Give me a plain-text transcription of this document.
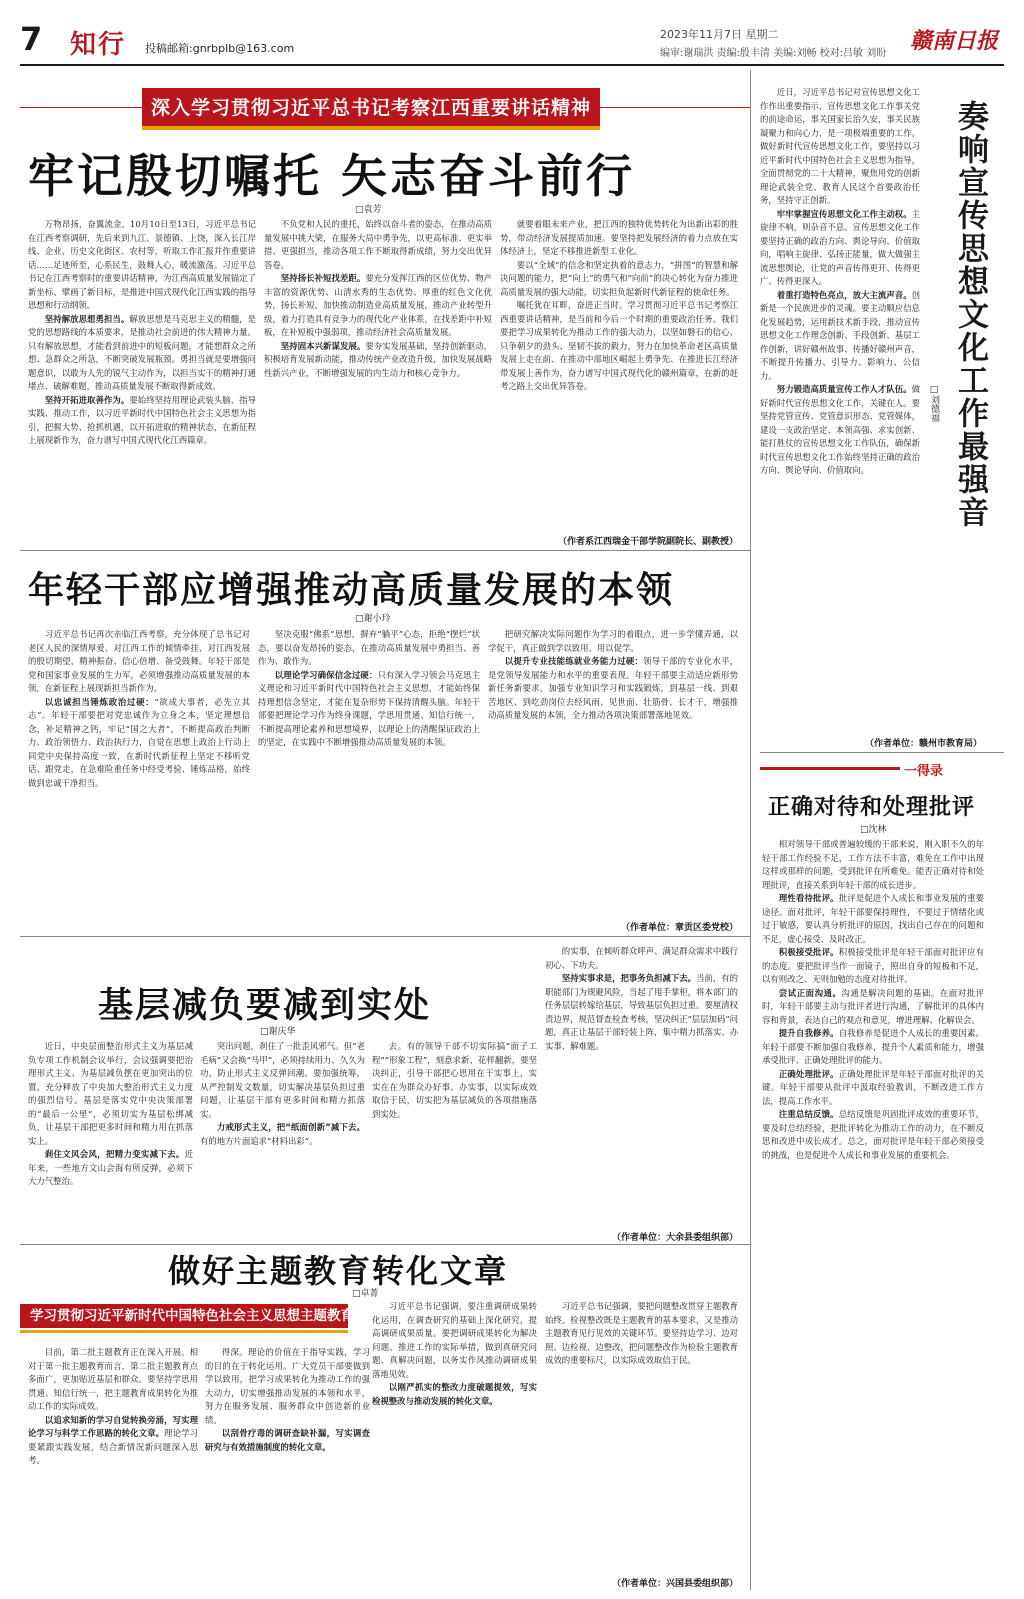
7 知行 投稿邮箱:gnrbplb@163.com
2023年11月7日 星期二
编审:谢瑞洪 责编:殷丰清 美编:刘畅 校对:吕敏 刘盼 赣南日报
深入学习贯彻习近平总书记考察江西重要讲话精神
牢记殷切嘱托 矢志奋斗前行
□袁芳

万物昂扬，奋翼流金。10月10日至13日，习近平总书记在江西考察调研，先后来到九江、景德镇、上饶，深入长江岸线、企业、历史文化街区、农村等，听取工作汇报并作重要讲话……足迹所至，心系民生，鼓舞人心，暖流激荡。习近平总书记在江西考察时的重要讲话精神，为江西高质量发展锚定了新坐标、擘画了新目标，是推进中国式现代化江西实践的指导思想和行动纲领。

坚持解放思想勇担当。解放思想是马克思主义的精髓，是党的思想路线的本质要求，是推动社会前进的伟大精神力量。只有解放思想，才能看到前进中的短板问题，才能想群众之所想、急群众之所急，不断突破发展瓶颈。勇担当就是要增强问题意识，以敢为人先的锐气主动作为，以担当实干的精神打通堵点、破解难题，推动高质量发展不断取得新成效。

坚持开拓进取善作为。要始终坚持用理论武装头脑、指导实践、推动工作，以习近平新时代中国特色社会主义思想为指引，把握大势、抢抓机遇，以开拓进取的精神状态，在新征程上展现新作为，奋力谱写中国式现代化江西篇章。

不负党和人民的重托，始终以奋斗者的姿态，在推动高质量发展中挑大梁，在服务大局中勇争先，以更高标准、更实举措、更强担当，推动各项工作不断取得新成绩，努力交出优异答卷。

坚持扬长补短找差距。要充分发挥江西的区位优势、物产丰富的资源优势、山清水秀的生态优势、厚重的红色文化优势，扬长补短，加快推动制造业高质量发展，推动产业转型升级，着力打造具有竞争力的现代化产业体系，在找差距中补短板，在补短板中强弱项，推动经济社会高质量发展。

坚持固本兴新谋发展。要夯实发展基础，坚持创新驱动，积极培育发展新动能，推动传统产业改造升级，加快发展战略性新兴产业，不断增强发展的内生动力和核心竞争力。

就要着眼未来产业，把江西的独特优势转化为出新出彩的胜势，带动经济发展提质加速。要坚持把发展经济的着力点放在实体经济上，坚定不移推进新型工业化。

要以“全域”的信念和坚定执着的意志力，“拼图”的智慧和解决问题的能力，把“向上”的勇气和“向前”的决心转化为奋力推进高质量发展的强大动能，切实担负起新时代新征程的使命任务。

嘱托犹在耳畔，奋进正当时。学习贯彻习近平总书记考察江西重要讲话精神，是当前和今后一个时期的重要政治任务。我们要把学习成果转化为推动工作的强大动力，以坚如磐石的信心、只争朝夕的劲头、坚韧不拔的毅力，努力在加快革命老区高质量发展上走在前、在推动中部地区崛起上勇争先、在推进长江经济带发展上善作为，奋力谱写中国式现代化的赣州篇章，在新的赶考之路上交出优异答卷。

（作者系江西瑞金干部学院副院长、副教授）
年轻干部应增强推动高质量发展的本领
□谢小玲

习近平总书记再次亲临江西考察，充分体现了总书记对老区人民的深情厚爱、对江西工作的倾情牵挂、对江西发展的殷切期望，精神振奋、信心倍增、备受鼓舞。年轻干部是党和国家事业发展的生力军，必须增强推动高质量发展的本领，在新征程上展现新担当新作为。

以忠诚担当锤炼政治过硬：“欲成大事者，必先立其志”。年轻干部要把对党忠诚作为立身之本，坚定理想信念，补足精神之钙，牢记“国之大者”，不断提高政治判断力、政治领悟力、政治执行力，自觉在思想上政治上行动上同党中央保持高度一致，在新时代新征程上坚定不移听党话、跟党走，在急难险重任务中经受考验、锤炼品格，始终做到忠诚干净担当。

坚决克服“佛系”思想，摒弃“躺平”心态，拒绝“摆烂”状态，要以奋发昂扬的姿态，在推动高质量发展中勇担当、善作为、敢作为。

以理论学习确保信念过硬：只有深入学习领会马克思主义理论和习近平新时代中国特色社会主义思想，才能始终保持理想信念坚定，才能在复杂形势下保持清醒头脑。年轻干部要把理论学习作为终身课题，学思用贯通、知信行统一，不断提高理论素养和思想境界，以理论上的清醒保证政治上的坚定，在实践中不断增强推动高质量发展的本领。

把研究解决实际问题作为学习的着眼点，进一步学懂弄通，以学促干，真正做到学以致用、用以促学。

以提升专业技能练就业务能力过硬：领导干部的专业化水平，是党领导发展能力和水平的重要表现。年轻干部要主动适应新形势新任务新要求，加强专业知识学习和实践锻炼，到基层一线、到艰苦地区、到吃劲岗位去经风雨、见世面、壮筋骨、长才干，增强推动高质量发展的本领，全力推动各项决策部署落地见效。

（作者单位：章贡区委党校）
基层减负要减到实处
□谢庆华

近日，中央层面整治形式主义为基层减负专项工作机制会议举行，会议强调要把治理形式主义、为基层减负摆在更加突出的位置，充分释放了中央加大整治形式主义力度的强烈信号。基层是落实党中央决策部署的“最后一公里”，必须切实为基层松绑减负，让基层干部把更多时间和精力用在抓落实上。

刹住文风会风，把精力变实减下去。近年来，一些地方文山会海有所反弹，必须下大力气整治。

突出问题，刹住了一批歪风邪气。但“老毛病”又会换“马甲”，必须持续用力、久久为功，防止形式主义反弹回潮。要加强统筹，从严控制发文数量，切实解决基层负担过重问题，让基层干部有更多时间和精力抓落实。

力戒形式主义，把“纸面创新”减下去。有的地方片面追求“材料出彩”。

去。有的领导干部不切实际搞“面子工程”“形象工程”，刻意求新、花样翻新，要坚决纠正，引导干部把心思用在干实事上，实实在在为群众办好事、办实事，以实际成效取信于民，切实把为基层减负的各项措施落到实处。

的实事，在倾听群众呼声、满足群众需求中践行初心、下功夫。

坚持实事求是，把事务负担减下去。当前，有的职能部门为规避风险，当起了甩手掌柜，将本部门的任务层层转嫁给基层，导致基层负担过重。要厘清权责边界，规范督查检查考核，坚决纠正“层层加码”问题，真正让基层干部轻装上阵，集中精力抓落实、办实事、解难题。

（作者单位：大余县委组织部）
做好主题教育转化文章
□卓菁
学习贯彻习近平新时代中国特色社会主义思想主题教育·系列笔谈

目前，第二批主题教育正在深入开展。相对于第一批主题教育而言，第二批主题教育点多面广，更加贴近基层和群众。要坚持学思用贯通、知信行统一，把主题教育成果转化为推动工作的实际成效。

以追求知新的学习自觉转换旁涌，写实理论学习与科学工作思路的转化文章。理论学习要紧跟实践发展，结合新情况新问题深入思考。

得深。理论的价值在于指导实践，学习的目的在于转化运用。广大党员干部要做到学以致用，把学习成果转化为推动工作的强大动力，切实增强推动发展的本领和水平，努力在服务发展、服务群众中创造新的业绩。

以刮骨疗毒的调研查缺补漏，写实调查研究与有效措施制度的转化文章。

习近平总书记强调，要注重调研成果转化运用，在调查研究的基础上深化研究，提高调研成果质量。要把调研成果转化为解决问题、推进工作的实际举措，做到真研究问题、真解决问题，以务实作风推动调研成果落地见效。

以刚严抓实的整改力度破题提效，写实检视整改与推动发展的转化文章。

习近平总书记强调，要把问题整改贯穿主题教育始终。检视整改既是主题教育的基本要求，又是推动主题教育见行见效的关键环节。要坚持边学习、边对照、边检视、边整改，把问题整改作为检验主题教育成效的重要标尺，以实际成效取信于民。

（作者单位：兴国县委组织部）

近日，习近平总书记对宣传思想文化工作作出重要指示，宣传思想文化工作事关党的前途命运，事关国家长治久安，事关民族凝聚力和向心力，是一项极端重要的工作。做好新时代宣传思想文化工作，要坚持以习近平新时代中国特色社会主义思想为指导，全面贯彻党的二十大精神，聚焦用党的创新理论武装全党、教育人民这个首要政治任务，坚持守正创新。

牢牢掌握宣传思想文化工作主动权。主旋律不响，则杂音不息。宣传思想文化工作要坚持正确的政治方向、舆论导向、价值取向，唱响主旋律、弘扬正能量，做大做强主流思想舆论，让党的声音传得更开、传得更广、传得更深入。

着重打造特色亮点，放大主流声音。创新是一个民族进步的灵魂。要主动顺应信息化发展趋势，运用新技术新手段，推动宣传思想文化工作理念创新、手段创新、基层工作创新，讲好赣州故事、传播好赣州声音，不断提升传播力、引导力、影响力、公信力。

努力锻造高质量宣传工作人才队伍。做好新时代宣传思想文化工作，关键在人。要坚持党管宣传、党管意识形态、党管媒体，建设一支政治坚定、本领高强、求实创新、能打胜仗的宣传思想文化工作队伍，确保新时代宣传思想文化工作始终坚持正确的政治方向、舆论导向、价值取向。	奏响宣传思想文化工作最强音
□刘德福
（作者单位：赣州市教育局）
一得录
正确对待和处理批评
□沈林

相对领导干部或普遍较缓的干部来说，刚入职不久的年轻干部工作经验不足，工作方法不丰富，难免在工作中出现这样或那样的问题，受到批评在所难免。能否正确对待和处理批评，直接关系到年轻干部的成长进步。

理性看待批评。批评是促进个人成长和事业发展的重要途径。面对批评，年轻干部要保持理性，不要过于情绪化或过于敏感，要认真分析批评的原因，找出自己存在的问题和不足，虚心接受、及时改正。

积极接受批评。积极接受批评是年轻干部面对批评应有的态度。要把批评当作一面镜子，照出自身的短板和不足，以有则改之、无则加勉的态度对待批评。

尝试正面沟通。沟通是解决问题的基础。在面对批评时，年轻干部要主动与批评者进行沟通，了解批评的具体内容和背景，表达自己的观点和意见，增进理解、化解误会。

提升自我修养。自我修养是促进个人成长的重要因素。年轻干部要不断加强自我修养，提升个人素质和能力，增强承受批评、正确处理批评的能力。

正确处理批评。正确处理批评是年轻干部面对批评的关键。年轻干部要从批评中汲取经验教训，不断改进工作方法，提高工作水平。

注重总结反馈。总结反馈是巩固批评成效的重要环节。要及时总结经验，把批评转化为推动工作的动力，在不断反思和改进中成长成才。总之，面对批评是年轻干部必须接受的挑战，也是促进个人成长和事业发展的重要机会。
